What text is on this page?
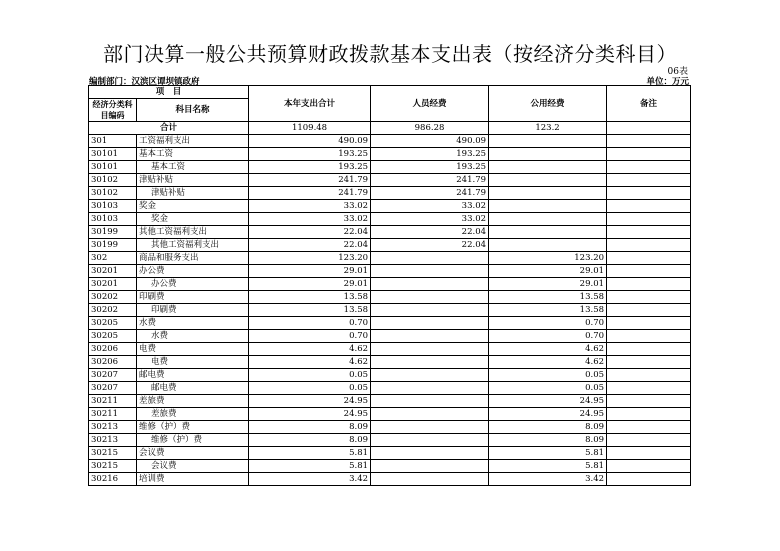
部门决算一般公共预算财政拨款基本支出表（按经济分类科目）
06表
编制部门：汉滨区谭坝镇政府	单位：万元
项　目		本年支出合计	人员经费	公用经费	备注
经济分类科目编码	科目名称				

合计		1109.48	986.28	123.2	
301	工资福利支出	490.09	490.09		
30101	基本工资	193.25	193.25		
30101	基本工资	193.25	193.25		
30102	津贴补贴	241.79	241.79		
30102	津贴补贴	241.79	241.79		
30103	奖金	33.02	33.02		
30103	奖金	33.02	33.02		
30199	其他工资福利支出	22.04	22.04		
30199	其他工资福利支出	22.04	22.04		
302	商品和服务支出	123.20		123.20	
30201	办公费	29.01		29.01	
30201	办公费	29.01		29.01	
30202	印刷费	13.58		13.58	
30202	印刷费	13.58		13.58	
30205	水费	0.70		0.70	
30205	水费	0.70		0.70	
30206	电费	4.62		4.62	
30206	电费	4.62		4.62	
30207	邮电费	0.05		0.05	
30207	邮电费	0.05		0.05	
30211	差旅费	24.95		24.95	
30211	差旅费	24.95		24.95	
30213	维修（护）费	8.09		8.09	
30213	维修（护）费	8.09		8.09	
30215	会议费	5.81		5.81	
30215	会议费	5.81		5.81	
30216	培训费	3.42		3.42	
